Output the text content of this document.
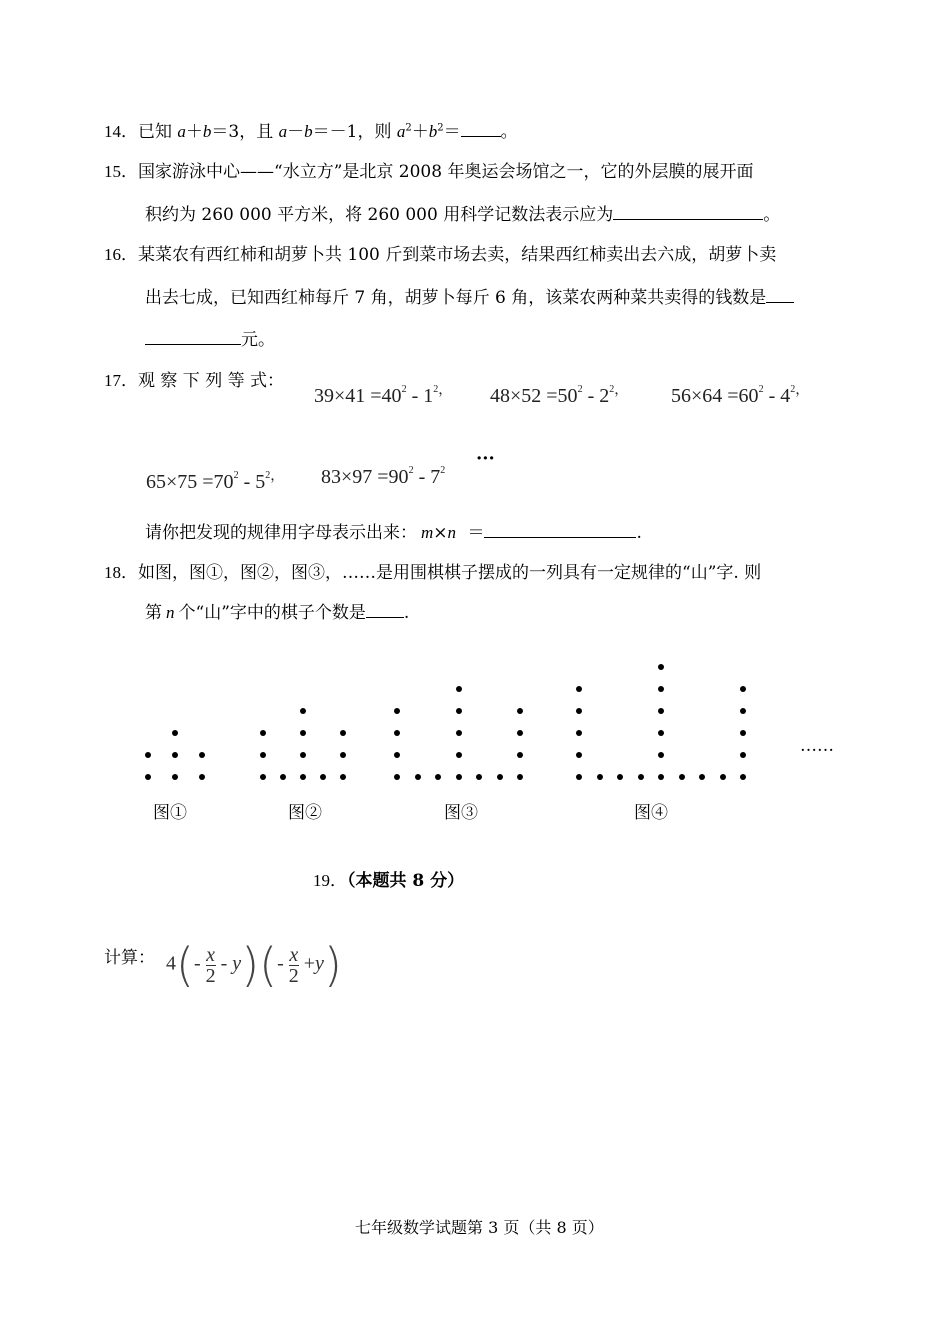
14．已知 a＋b＝3，且 a－b＝－1，则 $a^2+b^2=$ 。
15．国家游泳中心——“水立方”是北京 2008 年奥运会场馆之一，它的外层膜的展开面
积约为 260 000 平方米，将 260 000 用科学记数法表示应为	。
16．某菜农有西红柿和胡萝卜共 100 斤到菜市场去卖，结果西红柿卖出去六成，胡萝卜卖
出去七成，已知西红柿每斤 7 角，胡萝卜每斤 6 角，该菜农两种菜共卖得的钱数是
元。
17．观 察 下 列 等 式：
$39\times 41 =40^2 - 1^{2,}$ $48\times 52 =50^2 - 2^{2,}$ $56\times 64 =60^2 - 4^{2,}$
$65\times 75 =70^2 - 5^{2,}$ $83\times 97 =90^2 - 7^2$
···
请你把发现的规律用字母表示出来： m×n ＝	.
18．如图，图①，图②，图③，……是用围棋棋子摆成的一列具有一定规律的“山”字. 则
第 n 个“山”字中的棋子个数是 .
……
图①	图②	图③	图④
19．（本题共 8 分）
计算： $4(- \frac{x}{2} - y)(- \frac{x}{2} +y)$
七年级数学试题第 3 页（共 8 页）
